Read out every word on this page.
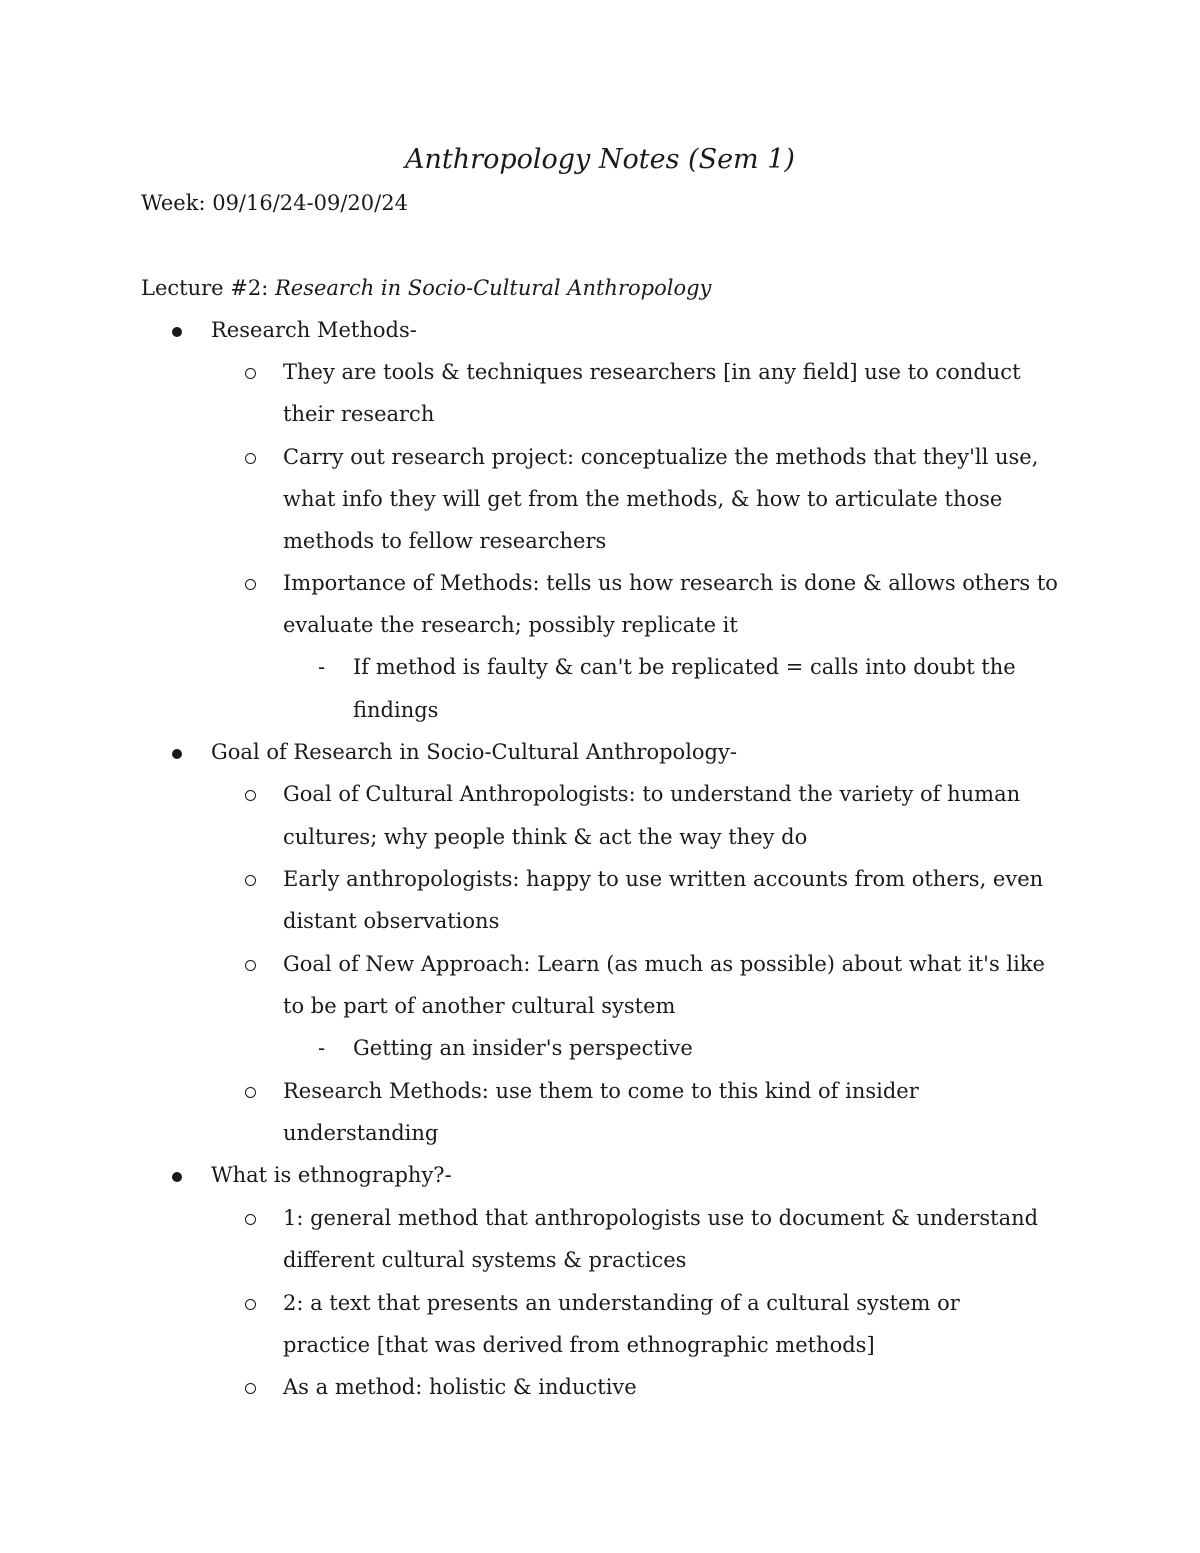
Anthropology Notes (Sem 1)
Week: 09/16/24-09/20/24
Lecture #2: Research in Socio-Cultural Anthropology
Research Methods-
They are tools & techniques researchers [in any field] use to conduct
their research
Carry out research project: conceptualize the methods that they'll use,
what info they will get from the methods, & how to articulate those
methods to fellow researchers
Importance of Methods: tells us how research is done & allows others to
evaluate the research; possibly replicate it
- If method is faulty & can't be replicated = calls into doubt the
findings
Goal of Research in Socio-Cultural Anthropology-
Goal of Cultural Anthropologists: to understand the variety of human
cultures; why people think & act the way they do
Early anthropologists: happy to use written accounts from others, even
distant observations
Goal of New Approach: Learn (as much as possible) about what it's like
to be part of another cultural system
- Getting an insider's perspective
Research Methods: use them to come to this kind of insider
understanding
What is ethnography?-
1: general method that anthropologists use to document & understand
different cultural systems & practices
2: a text that presents an understanding of a cultural system or
practice [that was derived from ethnographic methods]
As a method: holistic & inductive
